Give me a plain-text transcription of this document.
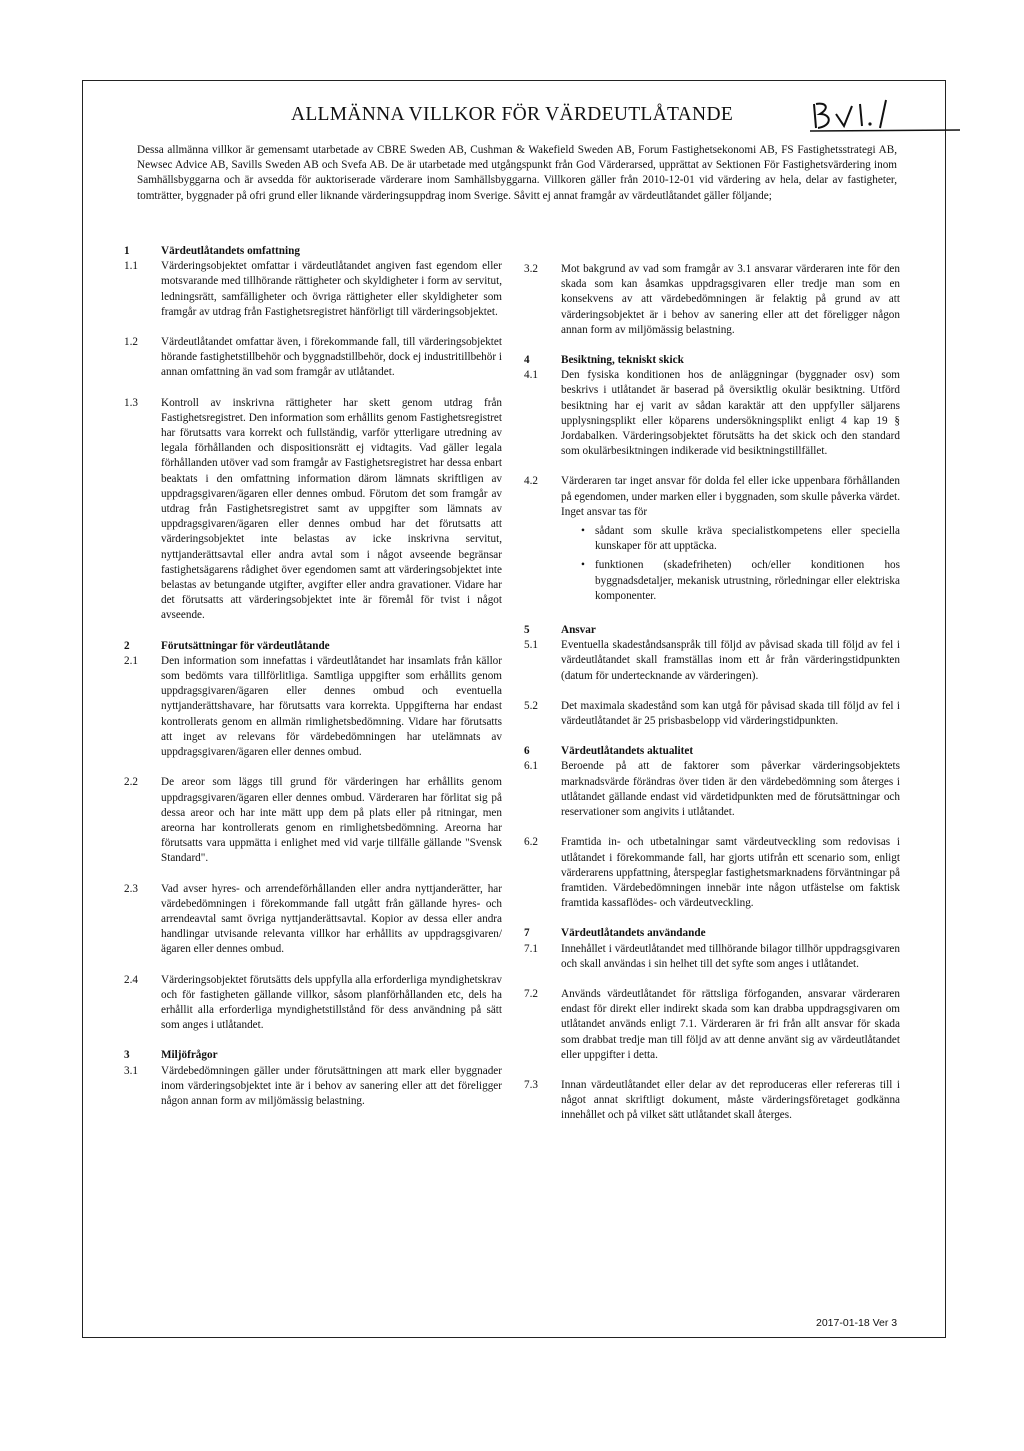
ALLMÄNNA VILLKOR FÖR VÄRDEUTLÅTANDE
Dessa allmänna villkor är gemensamt utarbetade av CBRE Sweden AB, Cushman & Wakefield Sweden AB, Forum Fastighetsekonomi AB, FS Fastighetsstrategi AB, Newsec Advice AB, Savills Sweden AB och Svefa AB. De är utarbetade med utgångspunkt från God Värderarsed, upprättat av Sektionen För Fastighetsvärdering inom Samhällsbyggarna och är avsedda för auktoriserade värderare inom Samhällsbyggarna. Villkoren gäller från 2010-12-01 vid värdering av hela, delar av fastigheter, tomträtter, byggnader på ofri grund eller liknande värderingsuppdrag inom Sverige. Såvitt ej annat framgår av värdeutlåtandet gäller följande;
1	Värdeutlåtandets omfattning
1.1	Värderingsobjektet omfattar i värdeutlåtandet angiven fast egendom eller motsvarande med tillhörande rättigheter och skyldigheter i form av servitut, ledningsrätt, samfälligheter och övriga rättigheter eller skyldigheter som framgår av utdrag från Fastighetsregistret hänförligt till värderingsobjektet.
1.2	Värdeutlåtandet omfattar även, i förekommande fall, till värderingsobjektet hörande fastighetstillbehör och byggnadstillbehör, dock ej industritillbehör i annan omfattning än vad som framgår av utlåtandet.
1.3	Kontroll av inskrivna rättigheter har skett genom utdrag från Fastighetsregistret. Den information som erhållits genom Fastighetsregistret har förutsatts vara korrekt och fullständig, varför ytterligare utredning av legala förhållanden och dispositionsrätt ej vidtagits. Vad gäller legala förhållanden utöver vad som framgår av Fastighetsregistret har dessa enbart beaktats i den omfattning information därom lämnats skriftligen av uppdragsgivaren/ägaren eller dennes ombud. Förutom det som framgår av utdrag från Fastighetsregistret samt av uppgifter som lämnats av uppdragsgivaren/ägaren eller dennes ombud har det förutsatts att värderingsobjektet inte belastas av icke inskrivna servitut, nyttjanderättsavtal eller andra avtal som i något avseende begränsar fastighetsägarens rådighet över egendomen samt att värderingsobjektet inte belastas av betungande utgifter, avgifter eller andra gravationer. Vidare har det förutsatts att värderingsobjektet inte är föremål för tvist i något avseende.
2	Förutsättningar för värdeutlåtande
2.1	Den information som innefattas i värdeutlåtandet har insamlats från källor som bedömts vara tillförlitliga. Samtliga uppgifter som erhållits genom uppdragsgivaren/ägaren eller dennes ombud och eventuella nyttjanderättshavare, har förutsatts vara korrekta. Uppgifterna har endast kontrollerats genom en allmän rimlighetsbedömning. Vidare har förutsatts att inget av relevans för värdebedömningen har utelämnats av uppdragsgivaren/ägaren eller dennes ombud.
2.2	De areor som läggs till grund för värderingen har erhållits genom uppdragsgivaren/ägaren eller dennes ombud. Värderaren har förlitat sig på dessa areor och har inte mätt upp dem på plats eller på ritningar, men areorna har kontrollerats genom en rimlighetsbedömning. Areorna har förutsatts vara uppmätta i enlighet med vid varje tillfälle gällande "Svensk Standard".
2.3	Vad avser hyres- och arrendeförhållanden eller andra nyttjanderätter, har värdebedömningen i förekommande fall utgått från gällande hyres- och arrendeavtal samt övriga nyttjanderättsavtal. Kopior av dessa eller andra handlingar utvisande relevanta villkor har erhållits av uppdragsgivaren/ägaren eller dennes ombud.
2.4	Värderingsobjektet förutsätts dels uppfylla alla erforderliga myndighetskrav och för fastigheten gällande villkor, såsom planförhållanden etc, dels ha erhållit alla erforderliga myndighetstillstånd för dess användning på sätt som anges i utlåtandet.
3	Miljöfrågor
3.1	Värdebedömningen gäller under förutsättningen att mark eller byggnader inom värderingsobjektet inte är i behov av sanering eller att det föreligger någon annan form av miljömässig belastning.
3.2	Mot bakgrund av vad som framgår av 3.1 ansvarar värderaren inte för den skada som kan åsamkas uppdragsgivaren eller tredje man som en konsekvens av att värdebedömningen är felaktig på grund av att värderingsobjektet är i behov av sanering eller att det föreligger någon annan form av miljömässig belastning.
4	Besiktning, tekniskt skick
4.1	Den fysiska konditionen hos de anläggningar (byggnader osv) som beskrivs i utlåtandet är baserad på översiktlig okulär besiktning. Utförd besiktning har ej varit av sådan karaktär att den uppfyller säljarens upplysningsplikt eller köparens undersökningsplikt enligt 4 kap 19 § Jordabalken. Värderingsobjektet förutsätts ha det skick och den standard som okulärbesiktningen indikerade vid besiktningstillfället.
4.2	Värderaren tar inget ansvar för dolda fel eller icke uppenbara förhållanden på egendomen, under marken eller i byggnaden, som skulle påverka värdet. Inget ansvar tas för
• sådant som skulle kräva specialistkompetens eller speciella kunskaper för att upptäcka.
• funktionen (skadefriheten) och/eller konditionen hos byggnadsdetaljer, mekanisk utrustning, rörledningar eller elektriska komponenter.
5	Ansvar
5.1	Eventuella skadeståndsanspråk till följd av påvisad skada till följd av fel i värdeutlåtandet skall framställas inom ett år från värderingstidpunkten (datum för undertecknande av värderingen).
5.2	Det maximala skadestånd som kan utgå för påvisad skada till följd av fel i värdeutlåtandet är 25 prisbasbelopp vid värderingstidpunkten.
6	Värdeutlåtandets aktualitet
6.1	Beroende på att de faktorer som påverkar värderingsobjektets marknadsvärde förändras över tiden är den värdebedömning som återges i utlåtandet gällande endast vid värdetidpunkten med de förutsättningar och reservationer som angivits i utlåtandet.
6.2	Framtida in- och utbetalningar samt värdeutveckling som redovisas i utlåtandet i förekommande fall, har gjorts utifrån ett scenario som, enligt värderarens uppfattning, återspeglar fastighetsmarknadens förväntningar på framtiden. Värdebedömningen innebär inte någon utfästelse om faktisk framtida kassaflödes- och värdeutveckling.
7	Värdeutlåtandets användande
7.1	Innehållet i värdeutlåtandet med tillhörande bilagor tillhör uppdragsgivaren och skall användas i sin helhet till det syfte som anges i utlåtandet.
7.2	Används värdeutlåtandet för rättsliga förfoganden, ansvarar värderaren endast för direkt eller indirekt skada som kan drabba uppdragsgivaren om utlåtandet används enligt 7.1. Värderaren är fri från allt ansvar för skada som drabbat tredje man till följd av att denne använt sig av värdeutlåtandet eller uppgifter i detta.
7.3	Innan värdeutlåtandet eller delar av det reproduceras eller refereras till i något annat skriftligt dokument, måste värderingsföretaget godkänna innehållet och på vilket sätt utlåtandet skall återges.
2017-01-18 Ver 3
